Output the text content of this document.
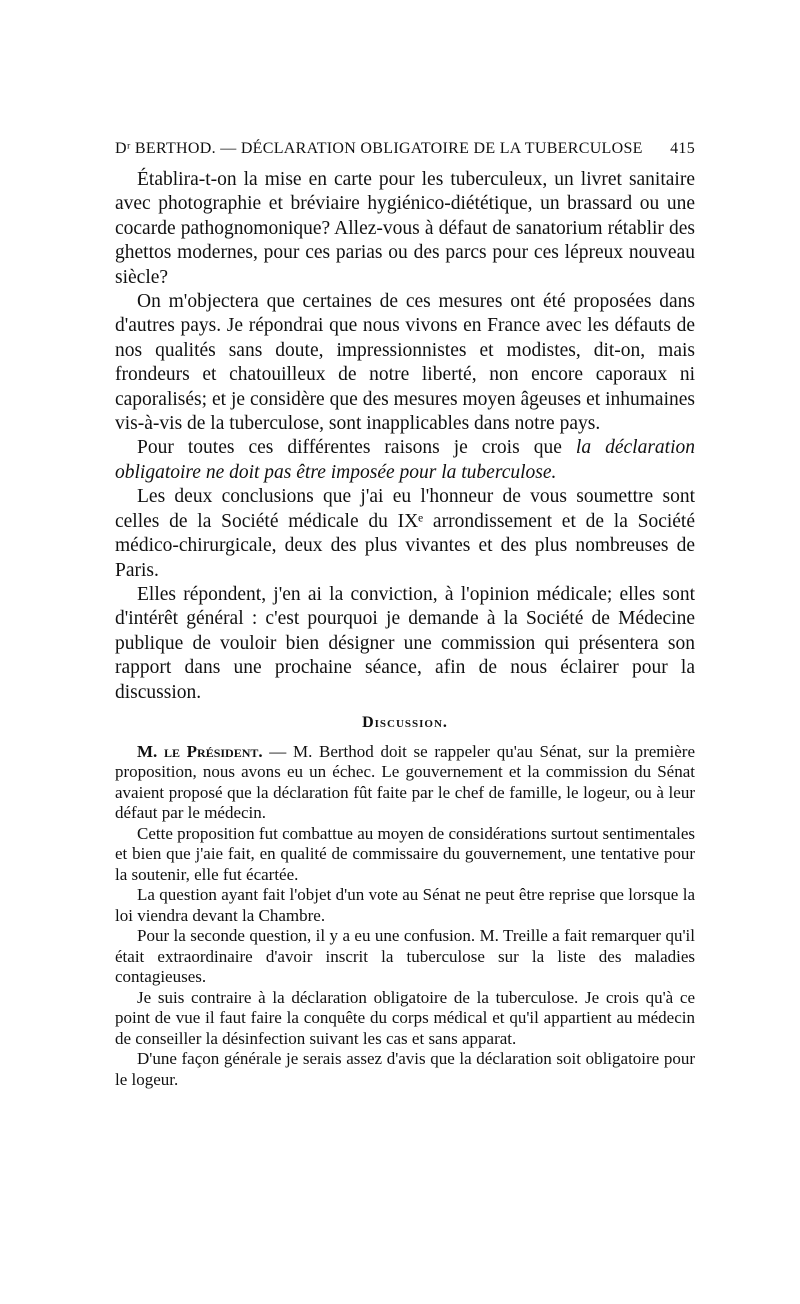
Dʳ BERTHOD. — DÉCLARATION OBLIGATOIRE DE LA TUBERCULOSE 415

Établira-t-on la mise en carte pour les tuberculeux, un livret sanitaire avec photographie et bréviaire hygiénico-diététique, un brassard ou une cocarde pathognomonique? Allez-vous à défaut de sanatorium rétablir des ghettos modernes, pour ces parias ou des parcs pour ces lépreux nouveau siècle?

On m'objectera que certaines de ces mesures ont été proposées dans d'autres pays. Je répondrai que nous vivons en France avec les défauts de nos qualités sans doute, impressionnistes et modistes, dit-on, mais frondeurs et chatouilleux de notre liberté, non encore caporaux ni caporalisés; et je considère que des mesures moyen âgeuses et inhumaines vis-à-vis de la tuberculose, sont inapplicables dans notre pays.

Pour toutes ces différentes raisons je crois que la déclaration obligatoire ne doit pas être imposée pour la tuberculose.

Les deux conclusions que j'ai eu l'honneur de vous soumettre sont celles de la Société médicale du IXᵉ arrondissement et de la Société médico-chirurgicale, deux des plus vivantes et des plus nombreuses de Paris.

Elles répondent, j'en ai la conviction, à l'opinion médicale; elles sont d'intérêt général : c'est pourquoi je demande à la Société de Médecine publique de vouloir bien désigner une commission qui présentera son rapport dans une prochaine séance, afin de nous éclairer pour la discussion.

Discussion.

M. le Président. — M. Berthod doit se rappeler qu'au Sénat, sur la première proposition, nous avons eu un échec. Le gouvernement et la commission du Sénat avaient proposé que la déclaration fût faite par le chef de famille, le logeur, ou à leur défaut par le médecin.

Cette proposition fut combattue au moyen de considérations surtout sentimentales et bien que j'aie fait, en qualité de commissaire du gouvernement, une tentative pour la soutenir, elle fut écartée.

La question ayant fait l'objet d'un vote au Sénat ne peut être reprise que lorsque la loi viendra devant la Chambre.

Pour la seconde question, il y a eu une confusion. M. Treille a fait remarquer qu'il était extraordinaire d'avoir inscrit la tuberculose sur la liste des maladies contagieuses.

Je suis contraire à la déclaration obligatoire de la tuberculose. Je crois qu'à ce point de vue il faut faire la conquête du corps médical et qu'il appartient au médecin de conseiller la désinfection suivant les cas et sans apparat.

D'une façon générale je serais assez d'avis que la déclaration soit obligatoire pour le logeur.
